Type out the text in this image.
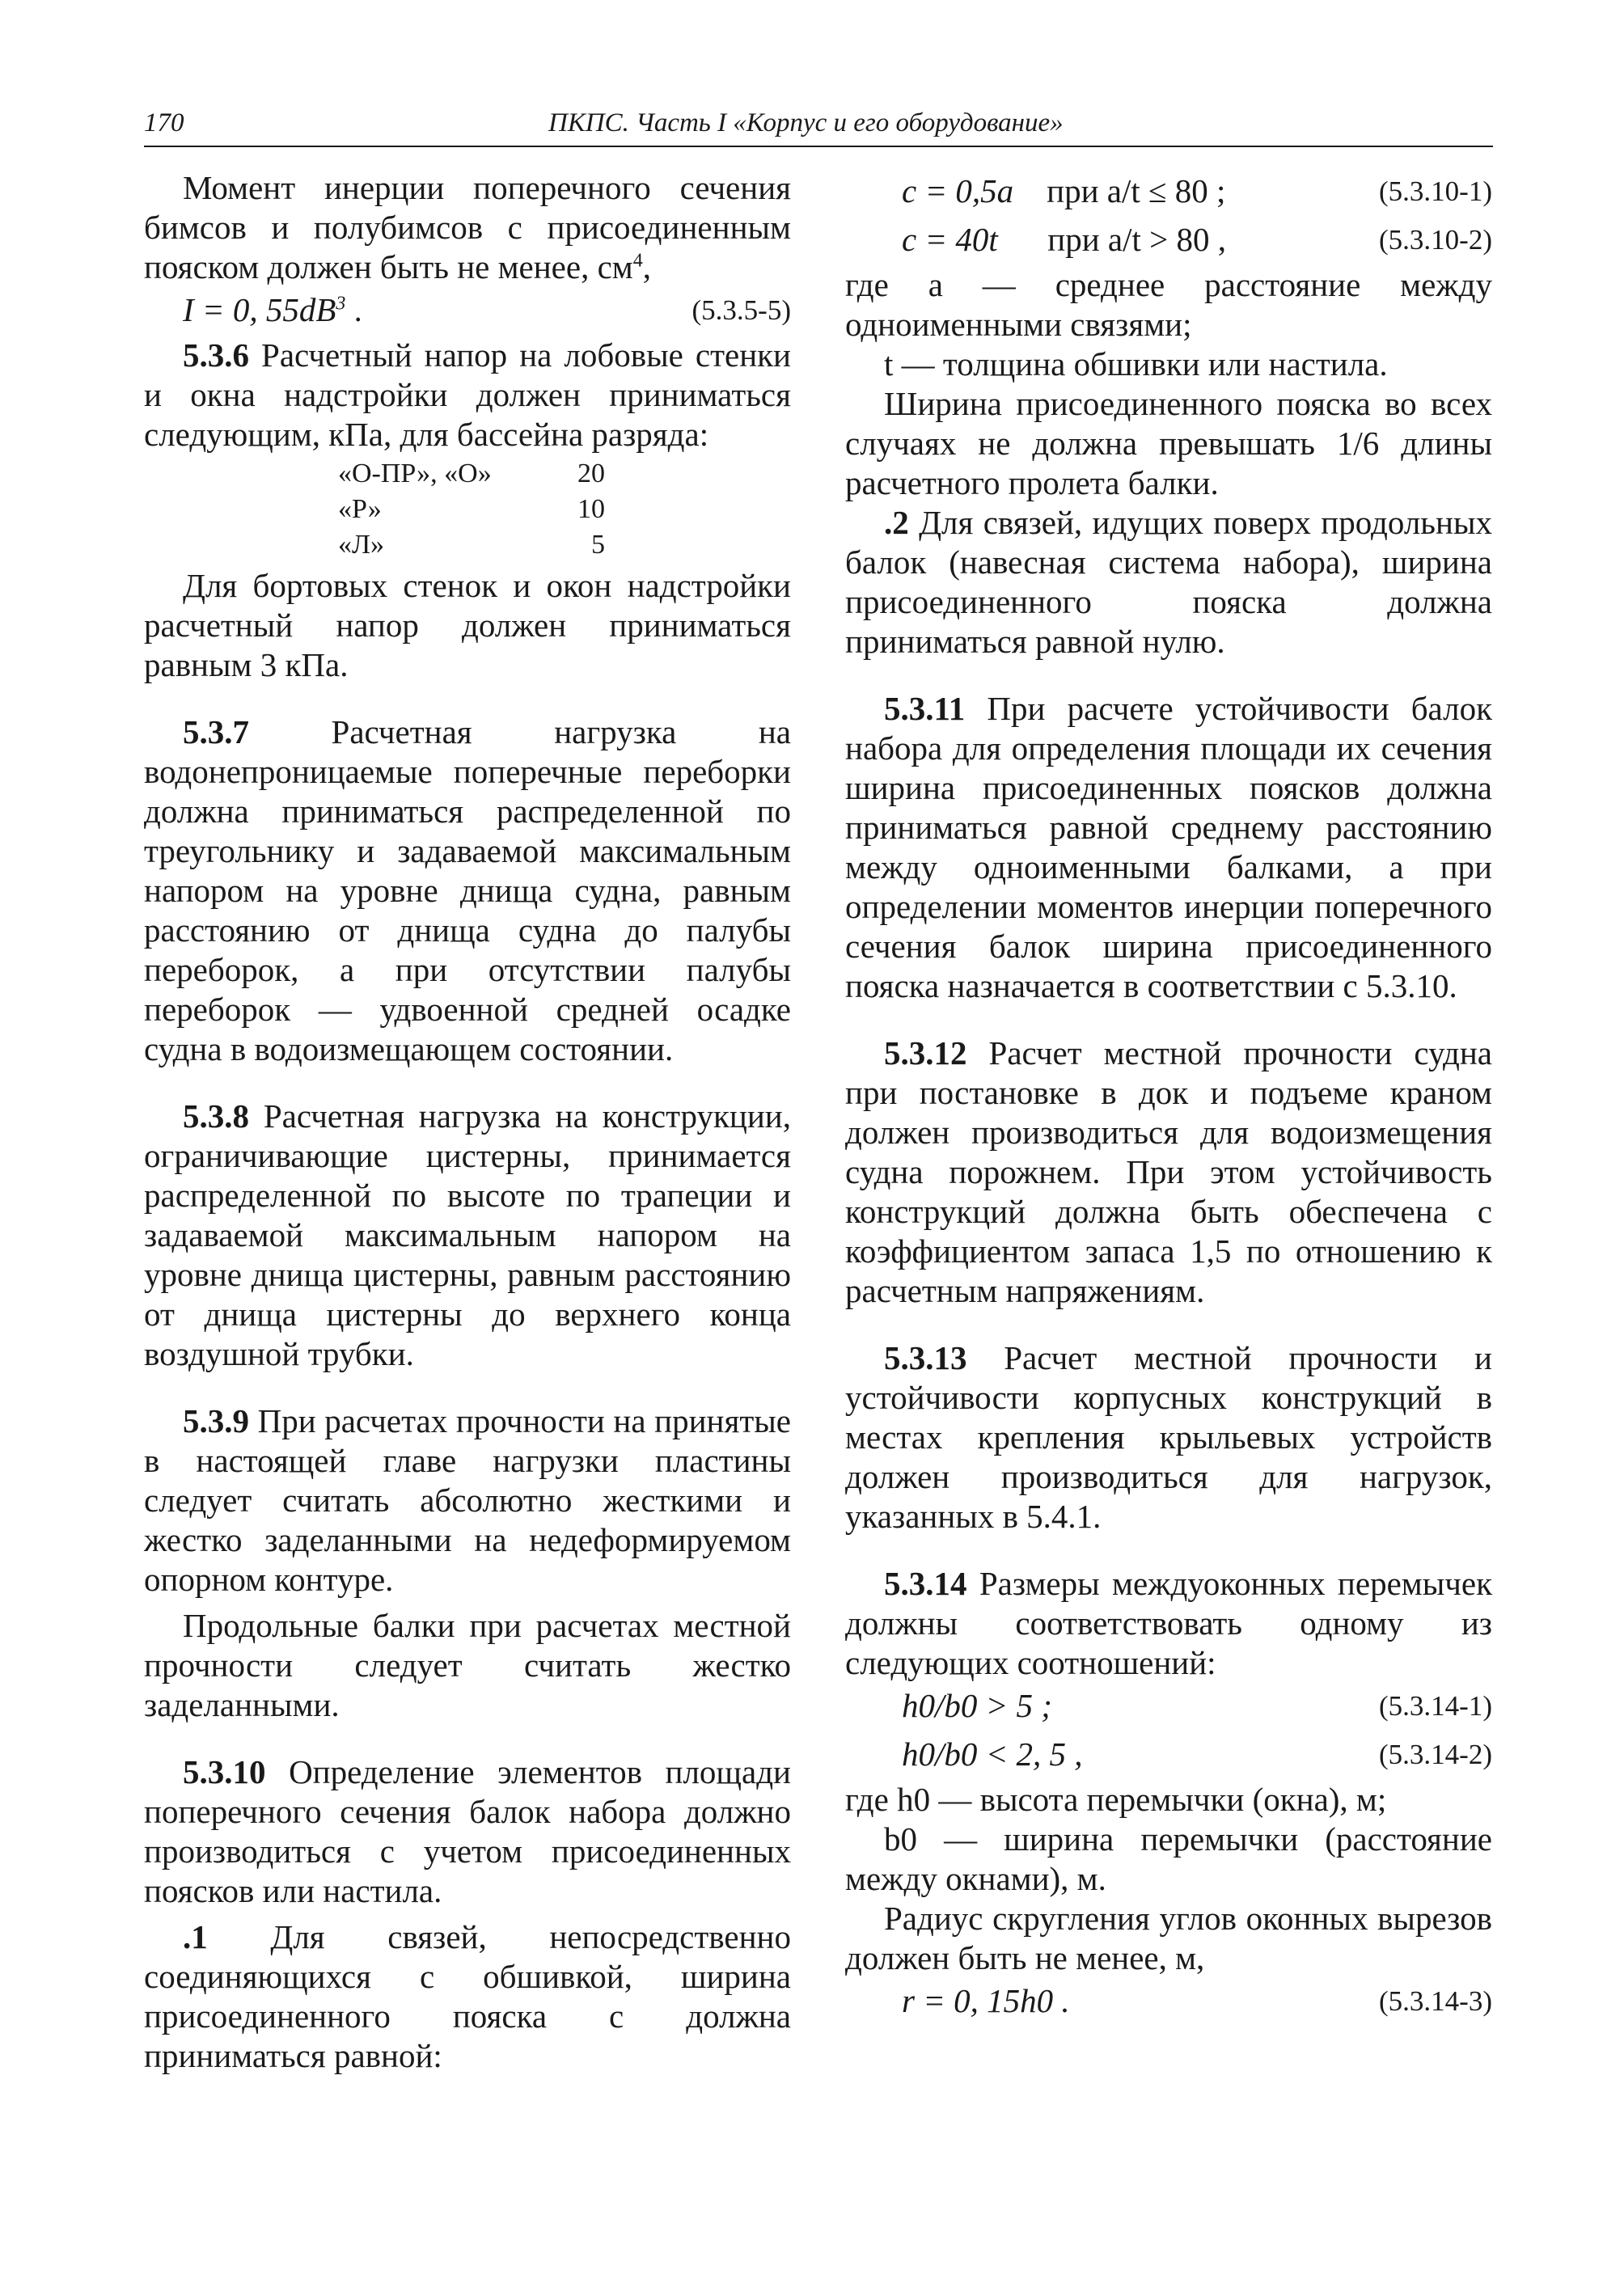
170	ПКПС. Часть I «Корпус и его оборудование»

Момент инерции поперечного сечения бимсов и полубимсов с присоединенным пояском должен быть не менее, $см^4$,

I = 0, $55dB^3$ .	(5.3.5-5)

5.3.6 Расчетный напор на лобовые стенки и окна надстройки должен приниматься следующим, кПа, для бассейна разряда:

«О-ПР», «О»	20
«Р»	10
«Л»	5

Для бортовых стенок и окон надстройки расчетный напор должен приниматься равным 3 кПа.

5.3.7 Расчетная нагрузка на водонепроницаемые поперечные переборки должна приниматься распределенной по треугольнику и задаваемой максимальным напором на уровне днища судна, равным расстоянию от днища судна до палубы переборок, а при отсутствии палубы переборок — удвоенной средней осадке судна в водоизмещающем состоянии.

5.3.8 Расчетная нагрузка на конструкции, ограничивающие цистерны, принимается распределенной по высоте по трапеции и задаваемой максимальным напором на уровне днища цистерны, равным расстоянию от днища цистерны до верхнего конца воздушной трубки.

5.3.9 При расчетах прочности на принятые в настоящей главе нагрузки пластины следует считать абсолютно жесткими и жестко заделанными на недеформируемом опорном контуре.

Продольные балки при расчетах местной прочности следует считать жестко заделанными.

5.3.10 Определение элементов площади поперечного сечения балок набора должно производиться с учетом присоединенных поясков или настила.

.1 Для связей, непосредственно соединяющихся с обшивкой, ширина присоединенного пояска c должна приниматься равной:

c = 0,5a при a/t ≤ 80 ;	(5.3.10-1)
c = 40t при a/t > 80 ,	(5.3.10-2)

где a — среднее расстояние между одноименными связями;

t — толщина обшивки или настила.

Ширина присоединенного пояска во всех случаях не должна превышать 1/6 длины расчетного пролета балки.

.2 Для связей, идущих поверх продольных балок (навесная система набора), ширина присоединенного пояска должна приниматься равной нулю.

5.3.11 При расчете устойчивости балок набора для определения площади их сечения ширина присоединенных поясков должна приниматься равной среднему расстоянию между одноименными балками, а при определении моментов инерции поперечного сечения балок ширина присоединенного пояска назначается в соответствии с 5.3.10.

5.3.12 Расчет местной прочности судна при постановке в док и подъеме краном должен производиться для водоизмещения судна порожнем. При этом устойчивость конструкций должна быть обеспечена с коэффициентом запаса 1,5 по отношению к расчетным напряжениям.

5.3.13 Расчет местной прочности и устойчивости корпусных конструкций в местах крепления крыльевых устройств должен производиться для нагрузок, указанных в 5.4.1.

5.3.14 Размеры междуоконных перемычек должны соответствовать одному из следующих соотношений:

h0/b0 > 5 ;	(5.3.14-1)
h0/b0 < 2, 5 ,	(5.3.14-2)

где h0 — высота перемычки (окна), м;

b0 — ширина перемычки (расстояние между окнами), м.

Радиус скругления углов оконных вырезов должен быть не менее, м,

r = 0, 15h0 .	(5.3.14-3)
